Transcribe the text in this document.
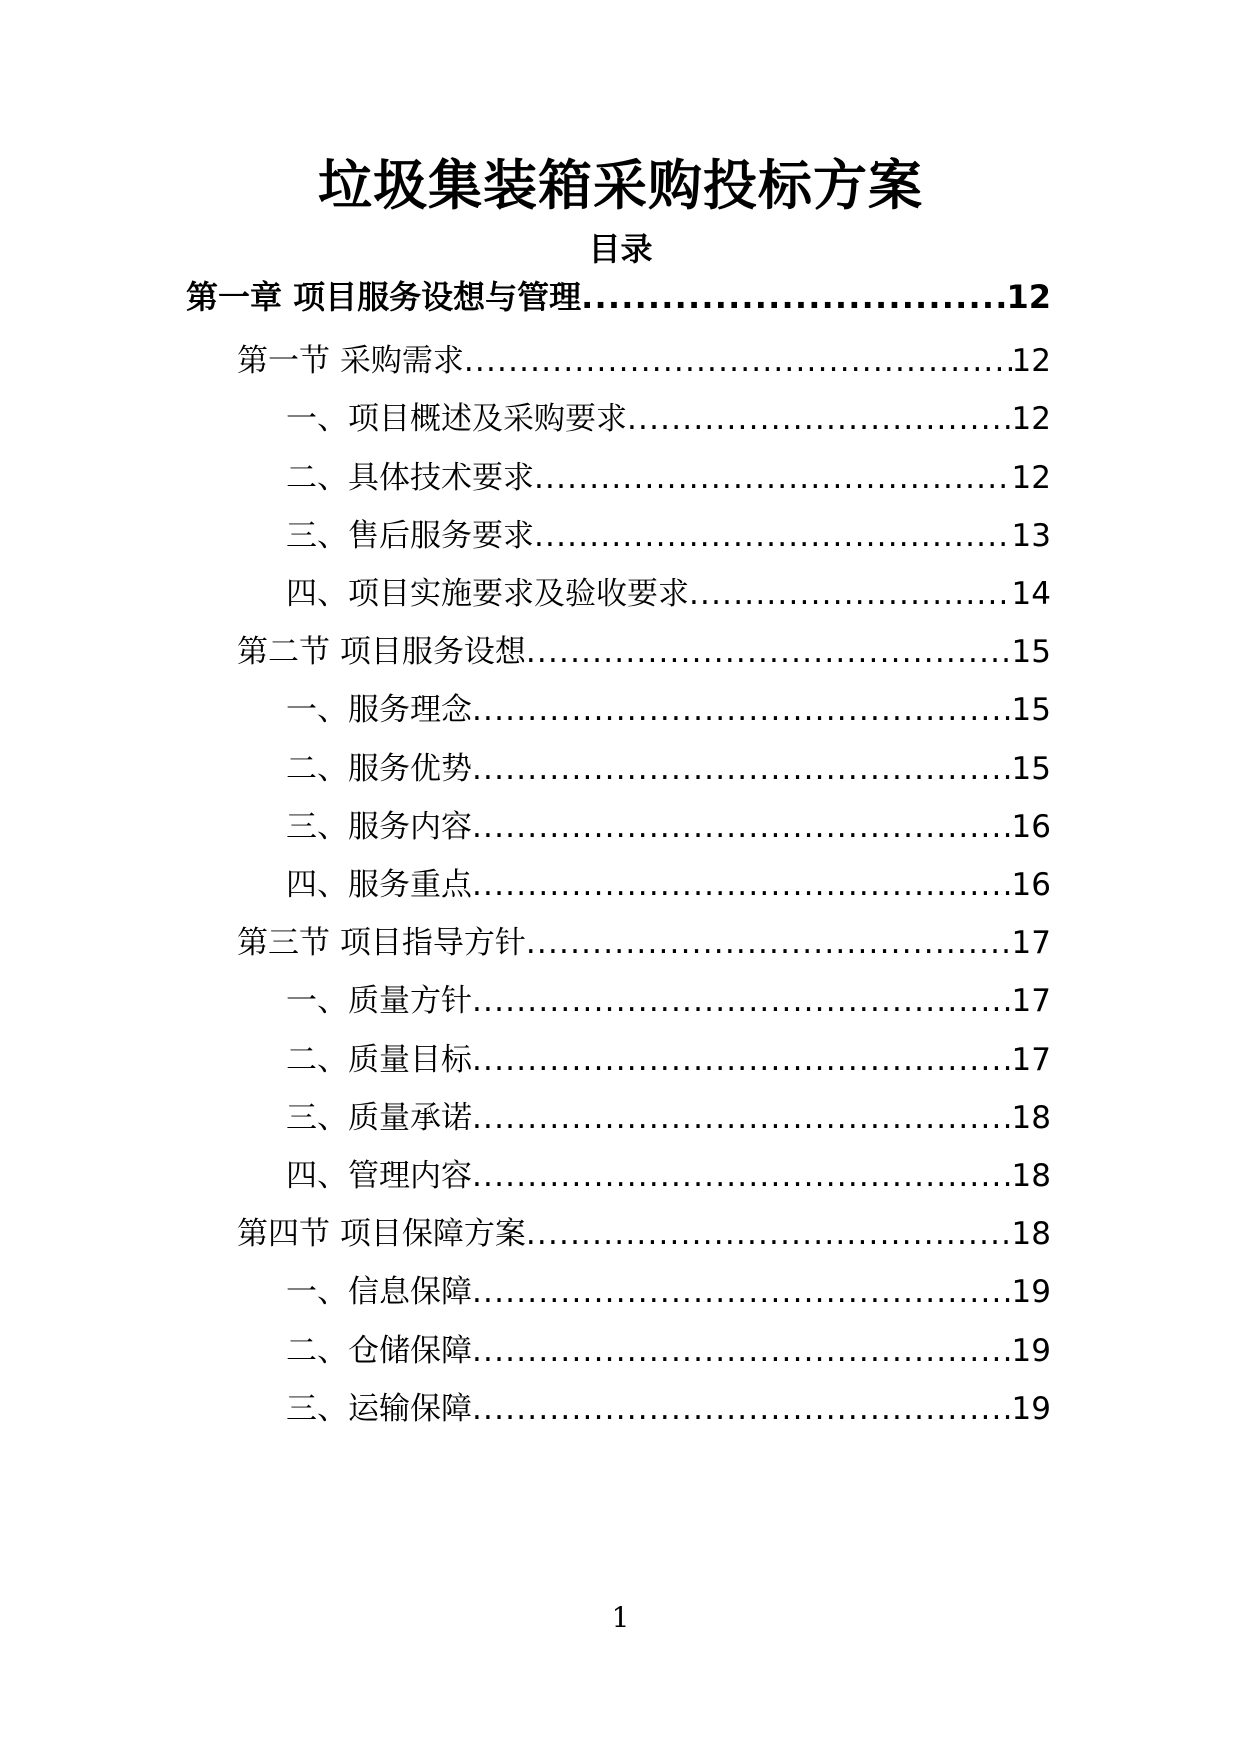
垃圾集装箱采购投标方案
目录
第一章 项目服务设想与管理 .....	12
第一节 采购需求 .....	12
一、项目概述及采购要求 .....	12
二、具体技术要求 .....	12
三、售后服务要求 .....	13
四、项目实施要求及验收要求 .....	14
第二节 项目服务设想 .....	15
一、服务理念 .....	15
二、服务优势 .....	15
三、服务内容 .....	16
四、服务重点 .....	16
第三节 项目指导方针 .....	17
一、质量方针 .....	17
二、质量目标 .....	17
三、质量承诺 .....	18
四、管理内容 .....	18
第四节 项目保障方案 .....	18
一、信息保障 .....	19
二、仓储保障 .....	19
三、运输保障 .....	19
1
